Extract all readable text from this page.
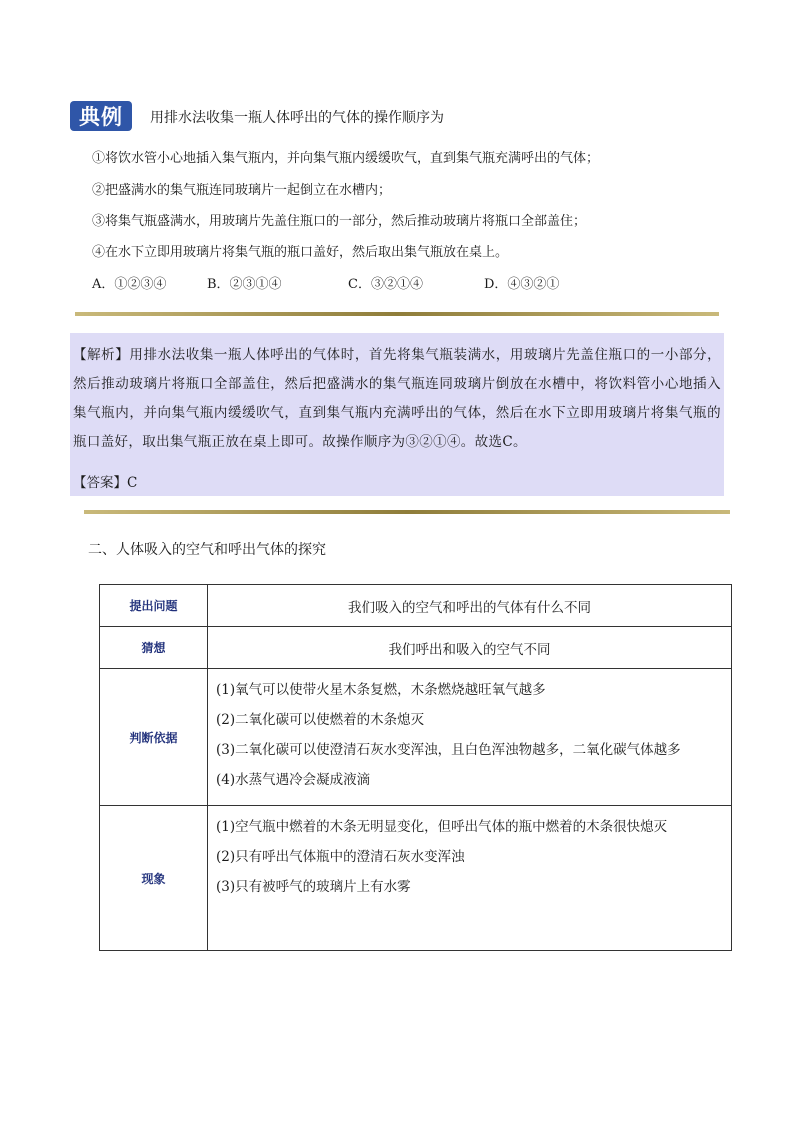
典例	用排水法收集一瓶人体呼出的气体的操作顺序为
①将饮水管小心地插入集气瓶内，并向集气瓶内缓缓吹气，直到集气瓶充满呼出的气体；
②把盛满水的集气瓶连同玻璃片一起倒立在水槽内；
③将集气瓶盛满水，用玻璃片先盖住瓶口的一部分，然后推动玻璃片将瓶口全部盖住；
④在水下立即用玻璃片将集气瓶的瓶口盖好，然后取出集气瓶放在桌上。
A．①②③④	B．②③①④	C．③②①④	D．④③②①
【解析】用排水法收集一瓶人体呼出的气体时，首先将集气瓶装满水，用玻璃片先盖住瓶口的一小部分，然后推动玻璃片将瓶口全部盖住，然后把盛满水的集气瓶连同玻璃片倒放在水槽中，将饮料管小心地插入集气瓶内，并向集气瓶内缓缓吹气，直到集气瓶内充满呼出的气体，然后在水下立即用玻璃片将集气瓶的瓶口盖好，取出集气瓶正放在桌上即可。故操作顺序为③②①④。故选C。
【答案】C
二、人体吸入的空气和呼出气体的探究
提出问题	我们吸入的空气和呼出的气体有什么不同
猜想	我们呼出和吸入的空气不同
判断依据	(1)氧气可以使带火星木条复燃，木条燃烧越旺氧气越多
(2)二氧化碳可以使燃着的木条熄灭
(3)二氧化碳可以使澄清石灰水变浑浊，且白色浑浊物越多，二氧化碳气体越多
(4)水蒸气遇冷会凝成液滴

现象	(1)空气瓶中燃着的木条无明显变化，但呼出气体的瓶中燃着的木条很快熄灭
(2)只有呼出气体瓶中的澄清石灰水变浑浊
(3)只有被呼气的玻璃片上有水雾
